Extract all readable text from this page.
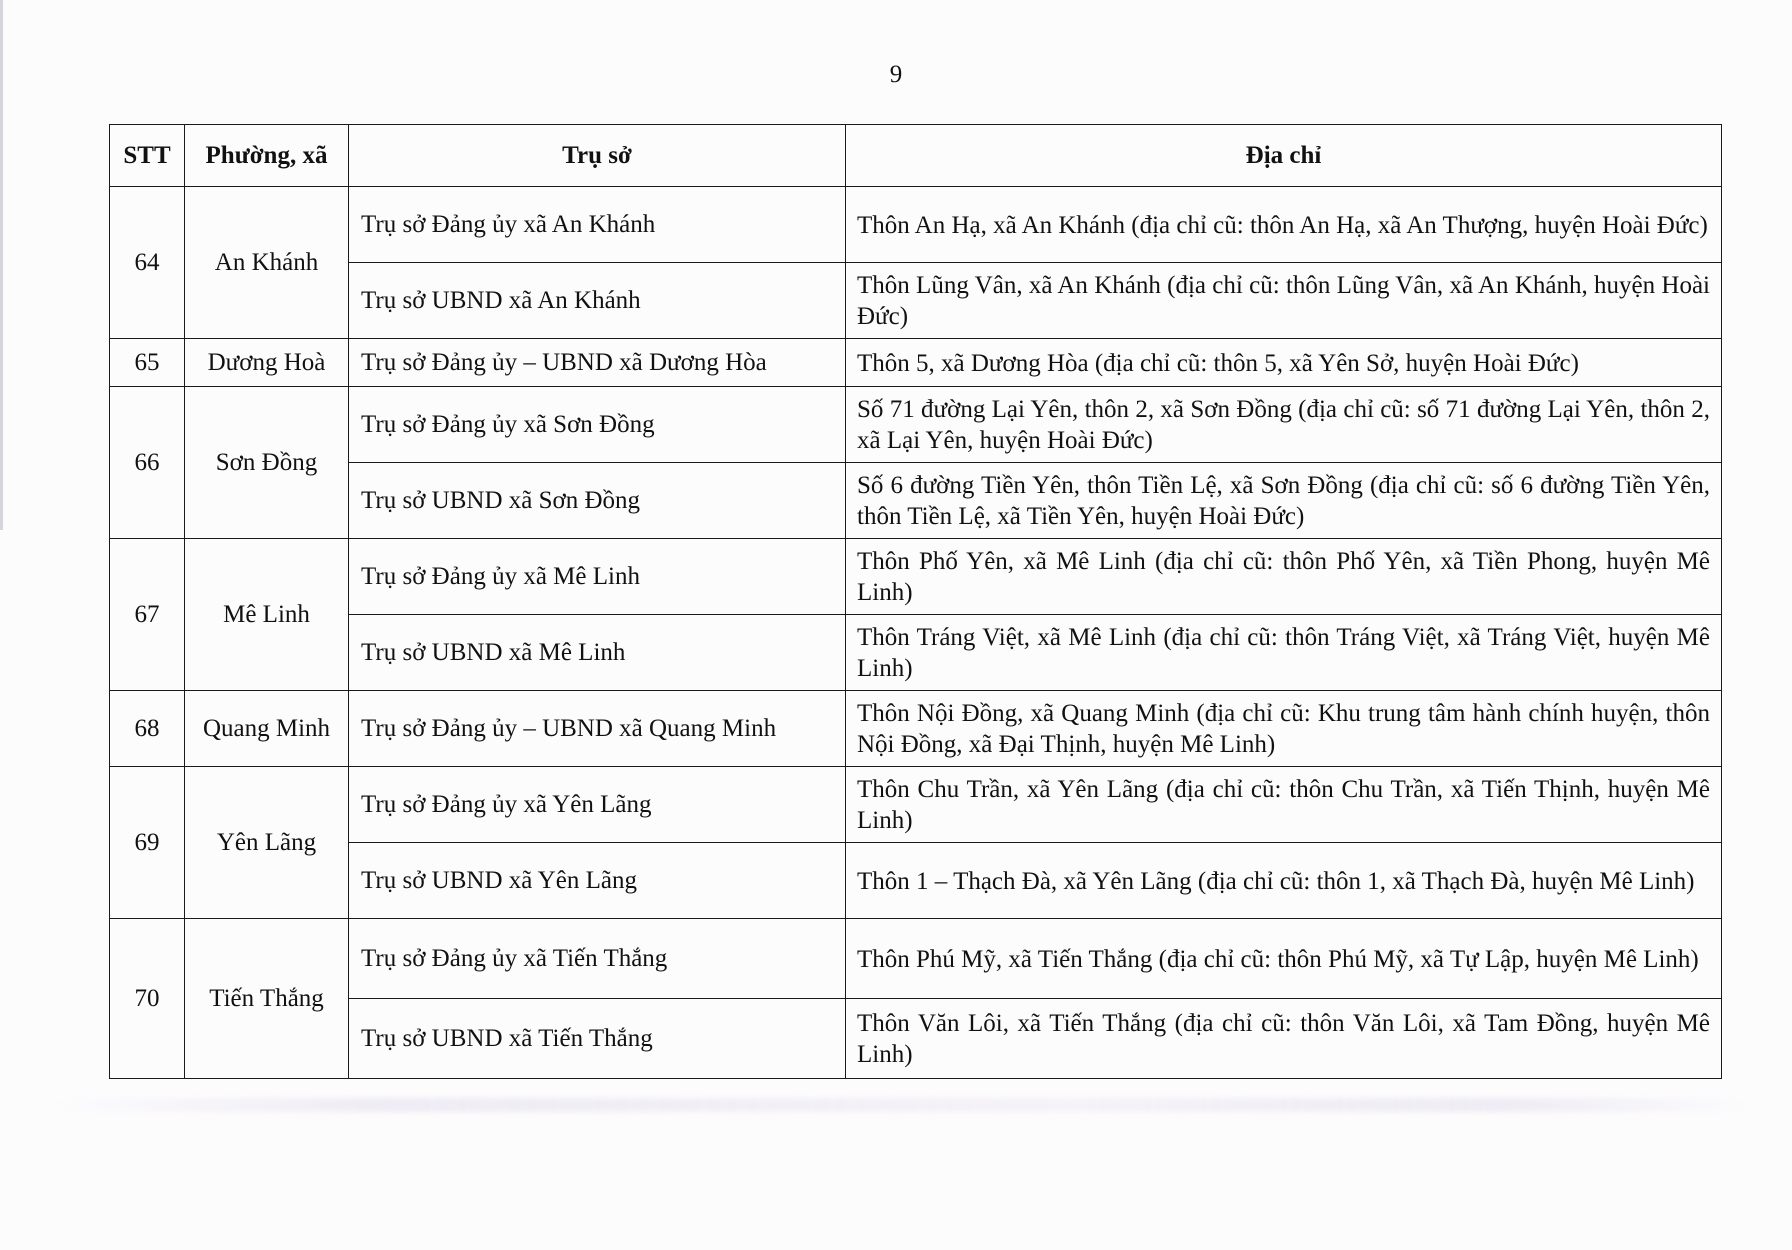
9
STT	Phường, xã	Trụ sở	Địa chỉ
64	An Khánh	Trụ sở Đảng ủy xã An Khánh	Thôn An Hạ, xã An Khánh (địa chỉ cũ: thôn An Hạ, xã An Thượng, huyện Hoài Đức)
		Trụ sở UBND xã An Khánh	Thôn Lũng Vân, xã An Khánh (địa chỉ cũ: thôn Lũng Vân, xã An Khánh, huyện Hoài Đức)
65	Dương Hoà	Trụ sở Đảng ủy – UBND xã Dương Hòa	Thôn 5, xã Dương Hòa (địa chỉ cũ: thôn 5, xã Yên Sở, huyện Hoài Đức)
66	Sơn Đồng	Trụ sở Đảng ủy xã Sơn Đồng	Số 71 đường Lại Yên, thôn 2, xã Sơn Đồng (địa chỉ cũ: số 71 đường Lại Yên, thôn 2, xã Lại Yên, huyện Hoài Đức)
		Trụ sở UBND xã Sơn Đồng	Số 6 đường Tiền Yên, thôn Tiền Lệ, xã Sơn Đồng (địa chỉ cũ: số 6 đường Tiền Yên, thôn Tiền Lệ, xã Tiền Yên, huyện Hoài Đức)
67	Mê Linh	Trụ sở Đảng ủy xã Mê Linh	Thôn Phố Yên, xã Mê Linh (địa chỉ cũ: thôn Phố Yên, xã Tiền Phong, huyện Mê Linh)
		Trụ sở UBND xã Mê Linh	Thôn Tráng Việt, xã Mê Linh (địa chỉ cũ: thôn Tráng Việt, xã Tráng Việt, huyện Mê Linh)
68	Quang Minh	Trụ sở Đảng ủy – UBND xã Quang Minh	Thôn Nội Đồng, xã Quang Minh (địa chỉ cũ: Khu trung tâm hành chính huyện, thôn Nội Đồng, xã Đại Thịnh, huyện Mê Linh)
69	Yên Lãng	Trụ sở Đảng ủy xã Yên Lãng	Thôn Chu Trần, xã Yên Lãng (địa chỉ cũ: thôn Chu Trần, xã Tiến Thịnh, huyện Mê Linh)
		Trụ sở UBND xã Yên Lãng	Thôn 1 – Thạch Đà, xã Yên Lãng (địa chỉ cũ: thôn 1, xã Thạch Đà, huyện Mê Linh)
70	Tiến Thắng	Trụ sở Đảng ủy xã Tiến Thắng	Thôn Phú Mỹ, xã Tiến Thắng (địa chỉ cũ: thôn Phú Mỹ, xã Tự Lập, huyện Mê Linh)
		Trụ sở UBND xã Tiến Thắng	Thôn Văn Lôi, xã Tiến Thắng (địa chỉ cũ: thôn Văn Lôi, xã Tam Đồng, huyện Mê Linh)
